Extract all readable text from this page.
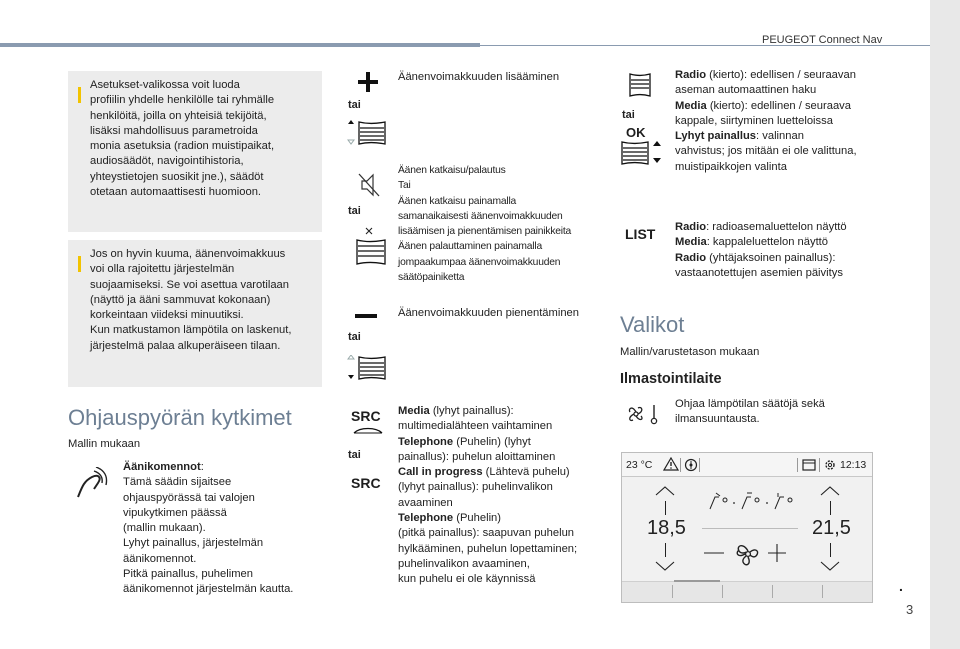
PEUGEOT Connect Nav
.
3
Asetukset-valikossa voit luoda
profiilin yhdelle henkilölle tai ryhmälle
henkilöitä, joilla on yhteisiä tekijöitä,
lisäksi mahdollisuus parametroida
monia asetuksia (radion muistipaikat,
audiosäädöt, navigointihistoria,
yhteystietojen suosikit jne.), säädöt
otetaan automaattisesti huomioon.
Jos on hyvin kuuma, äänenvoimakkuus
voi olla rajoitettu järjestelmän
suojaamiseksi. Se voi asettua varotilaan
(näyttö ja ääni sammuvat kokonaan)
korkeintaan viideksi minuutiksi.
Kun matkustamon lämpötila on laskenut,
järjestelmä palaa alkuperäiseen tilaan.
Ohjauspyörän kytkimet
Mallin mukaan
Äänikomennot:
Tämä säädin sijaitsee
ohjauspyörässä tai valojen
vipukytkimen päässä
(mallin mukaan).
Lyhyt painallus, järjestelmän
äänikomennot.
Pitkä painallus, puhelimen
äänikomennot järjestelmän kautta.
tai
Äänenvoimakkuuden lisääminen
tai
Äänen katkaisu/palautus
Tai
Äänen katkaisu painamalla
samanaikaisesti äänenvoimakkuuden
lisäämisen ja pienentämisen painikkeita
Äänen palauttaminen painamalla
jompaakumpaa äänenvoimakkuuden
säätöpainiketta
tai
Äänenvoimakkuuden pienentäminen
SRC
tai
SRC
Media (lyhyt painallus):
multimedialähteen vaihtaminen
Telephone (Puhelin) (lyhyt
painallus): puhelun aloittaminen
Call in progress (Lähtevä puhelu)
(lyhyt painallus): puhelinvalikon
avaaminen
Telephone (Puhelin)
(pitkä painallus): saapuvan puhelun
hylkääminen, puhelun lopettaminen;
puhelinvalikon avaaminen,
kun puhelu ei ole käynnissä
tai
OK
Radio (kierto): edellisen / seuraavan
aseman automaattinen haku
Media (kierto): edellinen / seuraava
kappale, siirtyminen luetteloissa
Lyhyt painallus: valinnan
vahvistus; jos mitään ei ole valittuna,
muistipaikkojen valinta
LIST Radio: radioasemaluettelon näyttö
Media: kappaleluettelon näyttö
Radio (yhtäjaksoinen painallus):
vastaanotettujen asemien päivitys
Valikot
Mallin/varustetason mukaan
Ilmastointilaite
Ohjaa lämpötilan säätöjä sekä
ilmansuuntausta.
23 °C	12:13
18,5	21,5
